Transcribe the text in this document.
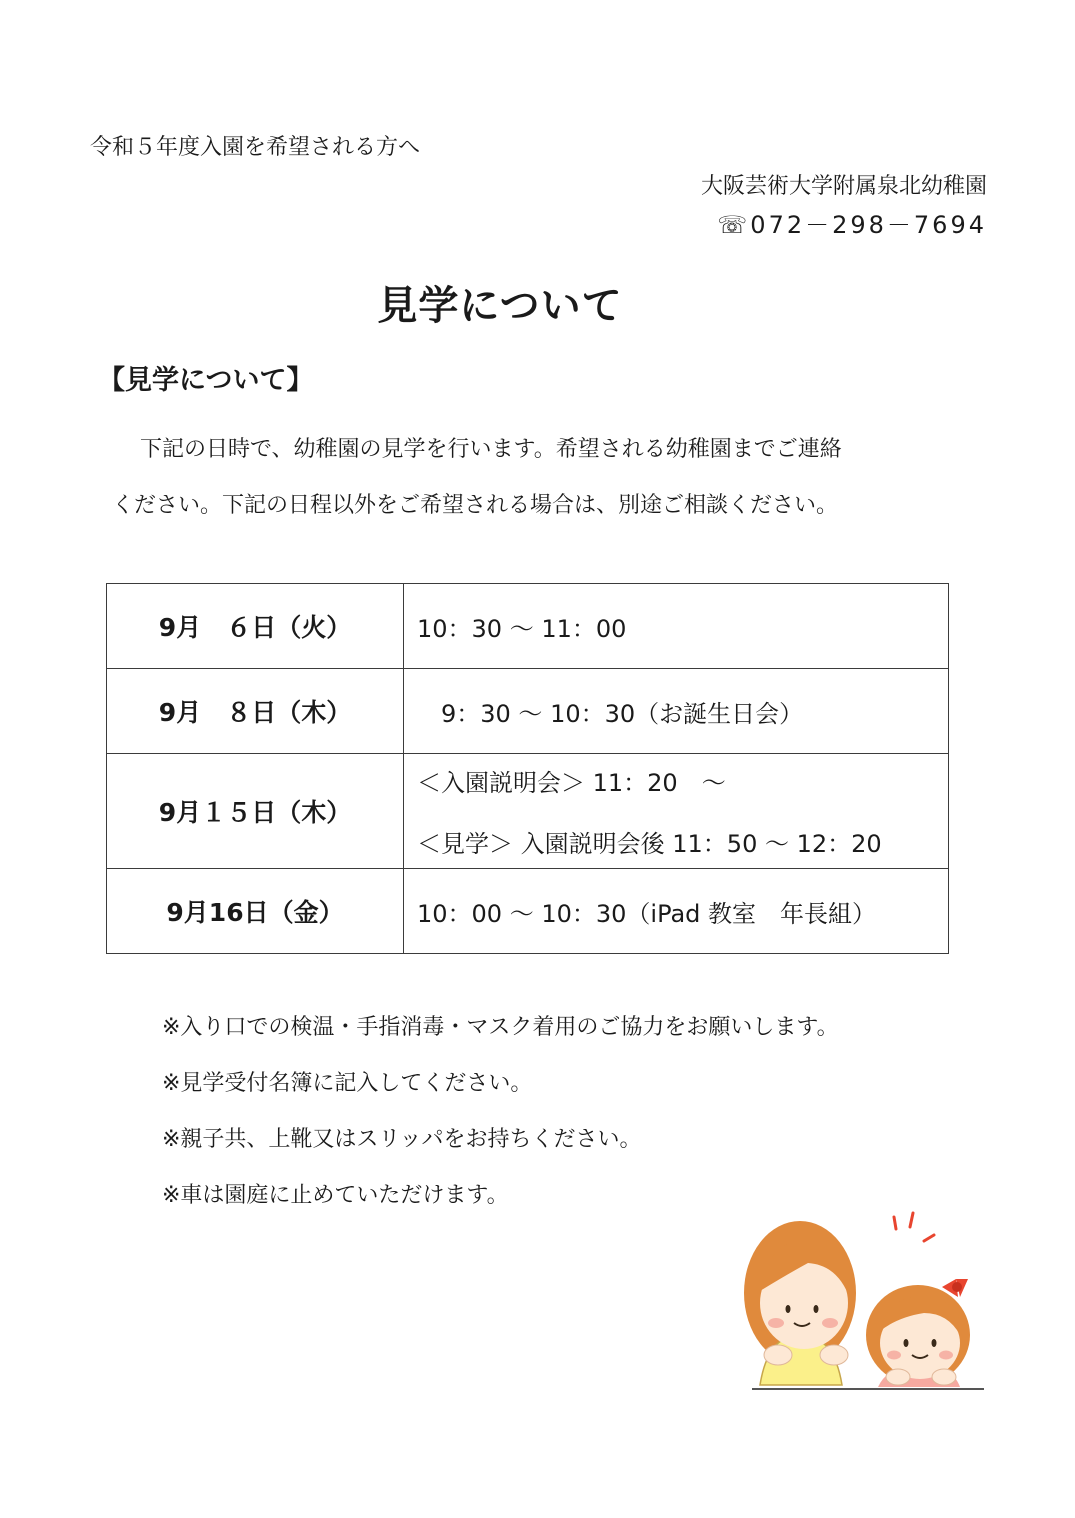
令和５年度入園を希望される方へ
大阪芸術大学附属泉北幼稚園
☏072－298－7694
見学について
【見学について】

下記の日時で、幼稚園の見学を行います。希望される幼稚園までご連絡

ください。下記の日程以外をご希望される場合は、別途ご相談ください。

9月　６日（火）	10：30 ～ 11：00

9月　８日（木）	　9：30 ～ 10：30（お誕生日会）

9月１５日（木）	＜入園説明会＞ 11：20　～
＜見学＞ 入園説明会後 11：50 ～ 12：20

9月16日（金）	10：00 ～ 10：30（iPad 教室　年長組）
※入り口での検温・手指消毒・マスク着用のご協力をお願いします。
※見学受付名簿に記入してください。
※親子共、上靴又はスリッパをお持ちください。
※車は園庭に止めていただけます。
